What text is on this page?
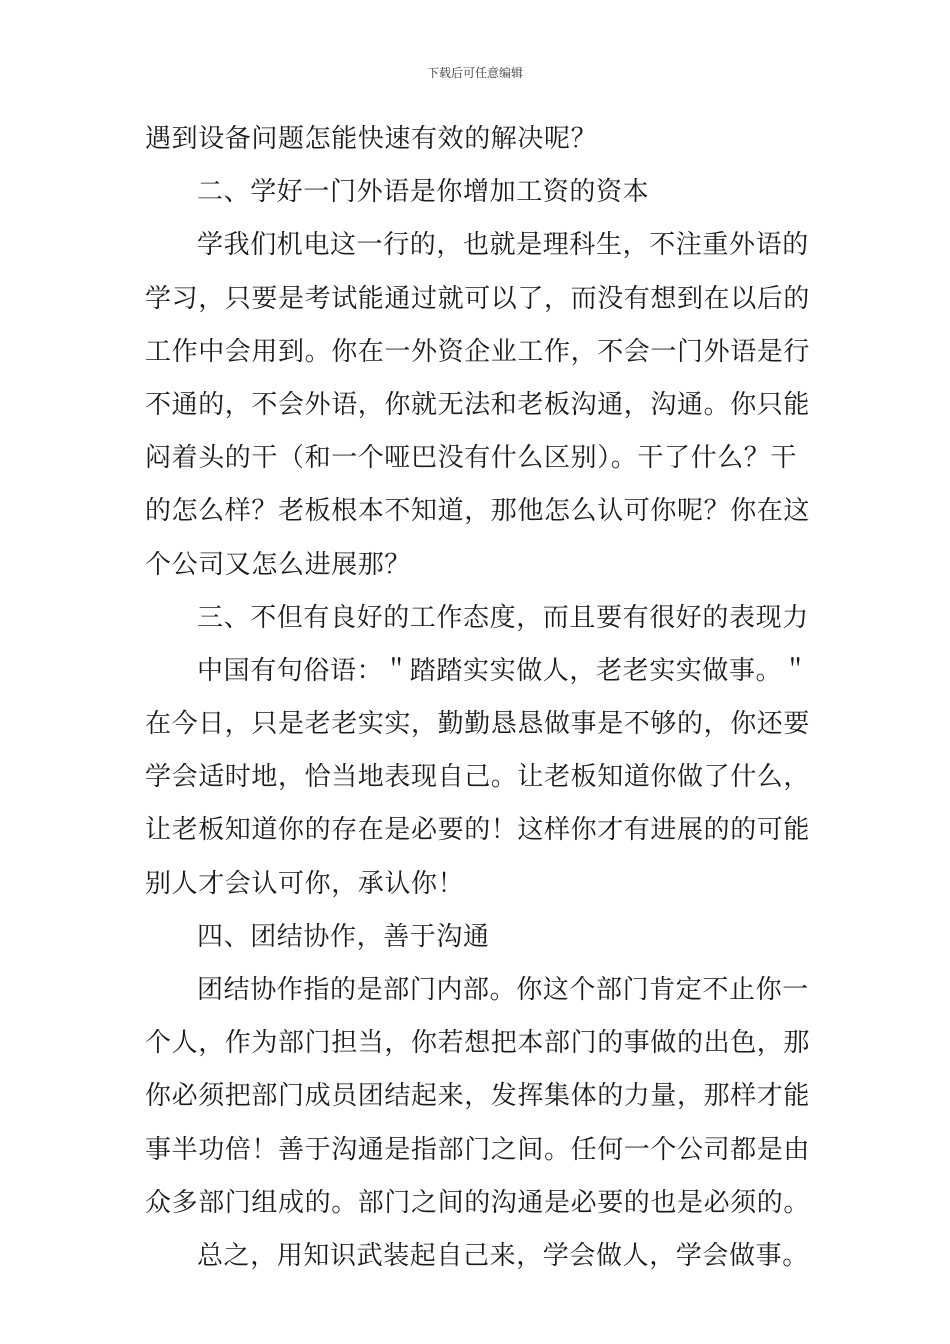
下载后可任意编辑
遇到设备问题怎能快速有效的解决呢？
二、学好一门外语是你增加工资的资本
学我们机电这一行的，也就是理科生，不注重外语的
学习，只要是考试能通过就可以了，而没有想到在以后的
工作中会用到。你在一外资企业工作，不会一门外语是行
不通的，不会外语，你就无法和老板沟通，沟通。你只能
闷着头的干（和一个哑巴没有什么区别）。干了什么？干
的怎么样？老板根本不知道，那他怎么认可你呢？你在这
个公司又怎么进展那？
三、不但有良好的工作态度，而且要有很好的表现力
中国有句俗语：＂踏踏实实做人，老老实实做事。＂
在今日，只是老老实实，勤勤恳恳做事是不够的，你还要
学会适时地，恰当地表现自己。让老板知道你做了什么，
让老板知道你的存在是必要的！这样你才有进展的的可能
别人才会认可你，承认你！
四、团结协作，善于沟通
团结协作指的是部门内部。你这个部门肯定不止你一
个人，作为部门担当，你若想把本部门的事做的出色，那
你必须把部门成员团结起来，发挥集体的力量，那样才能
事半功倍！善于沟通是指部门之间。任何一个公司都是由
众多部门组成的。部门之间的沟通是必要的也是必须的。
总之，用知识武装起自己来，学会做人，学会做事。
